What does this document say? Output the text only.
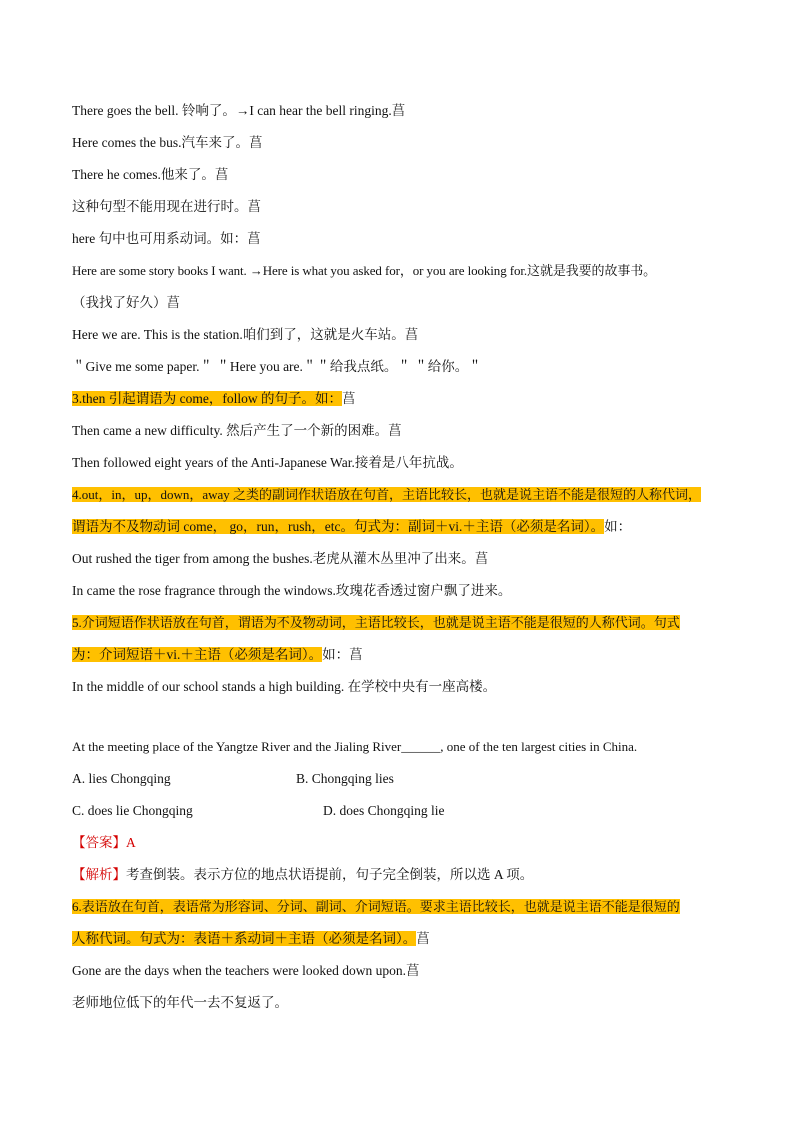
There goes the bell. 铃响了。→I can hear the bell ringing.菖
Here comes the bus.汽车来了。菖
There he comes.他来了。菖
这种句型不能用现在进行时。菖
here 句中也可用系动词。如：菖
Here are some story books I want. →Here is what you asked for，or you are looking for.这就是我要的故事书。
（我找了好久）菖
Here we are. This is the station.咱们到了，这就是火车站。菖
＂Give me some paper.＂ ＂Here you are.＂＂给我点纸。＂ ＂给你。＂
3.then 引起谓语为 come，follow 的句子。如：菖
Then came a new difficulty. 然后产生了一个新的困难。菖
Then followed eight years of the Anti-Japanese War.接着是八年抗战。
4.out，in，up，down，away 之类的副词作状语放在句首，主语比较长，也就是说主语不能是很短的人称代词，
谓语为不及物动词 come， go，run，rush，etc。句式为：副词＋vi.＋主语（必须是名词）。如：
Out rushed the tiger from among the bushes.老虎从灌木丛里冲了出来。菖
In came the rose fragrance through the windows.玫瑰花香透过窗户飘了进来。
5.介词短语作状语放在句首，谓语为不及物动词，主语比较长，也就是说主语不能是很短的人称代词。句式
为：介词短语＋vi.＋主语（必须是名词）。如：菖
In the middle of our school stands a high building. 在学校中央有一座高楼。
At the meeting place of the Yangtze River and the Jialing River______, one of the ten largest cities in China.
A. lies Chongqing	B. Chongqing lies
C. does lie Chongqing	D. does Chongqing lie
【答案】A
【解析】考查倒装。表示方位的地点状语提前，句子完全倒装，所以选 A 项。
6.表语放在句首，表语常为形容词、分词、副词、介词短语。要求主语比较长，也就是说主语不能是很短的
人称代词。句式为：表语＋系动词＋主语（必须是名词）。菖
Gone are the days when the teachers were looked down upon.菖
老师地位低下的年代一去不复返了。
